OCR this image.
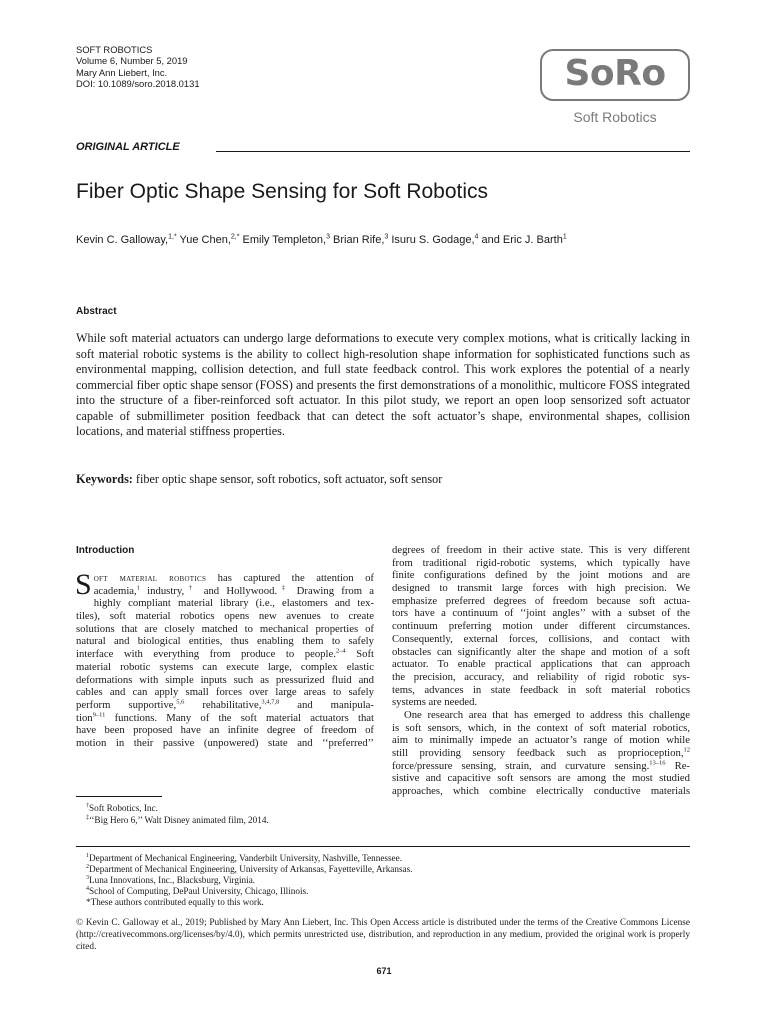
SOFT ROBOTICS
Volume 6, Number 5, 2019
Mary Ann Liebert, Inc.
DOI: 10.1089/soro.2018.0131	SoRo
Soft Robotics
ORIGINAL ARTICLE
Fiber Optic Shape Sensing for Soft Robotics
Kevin C. Galloway,$^{1,*}$ Yue Chen,$^{2,*}$ Emily Templeton,$^3$ Brian Rife,$^3$ Isuru S. Godage,$^4$ and Eric J. Barth$^1$
Abstract
While soft material actuators can undergo large deformations to execute very complex motions, what is critically lacking in soft material robotic systems is the ability to collect high-resolution shape information for sophisticated functions such as environmental mapping, collision detection, and full state feedback control. This work explores the potential of a nearly commercial fiber optic shape sensor (FOSS) and presents the first demonstrations of a monolithic, multicore FOSS integrated into the structure of a fiber-reinforced soft actuator. In this pilot study, we report an open loop sensorized soft actuator capable of submillimeter position feedback that can detect the soft actuator’s shape, environmental shapes, collision locations, and material stiffness properties.
Keywords: fiber optic shape sensor, soft robotics, soft actuator, soft sensor
Introduction
S oft material robotics has captured the attention of
academia,$^1$ industry,† and Hollywood.‡ Drawing from a
highly compliant material library (i.e., elastomers and tex-
tiles), soft material robotics opens new avenues to create
solutions that are closely matched to mechanical properties of
natural and biological entities, thus enabling them to safely
interface with everything from produce to people.$^{2-4}$ Soft
material robotic systems can execute large, complex elastic
deformations with simple inputs such as pressurized fluid and
cables and can apply small forces over large areas to safely
perform supportive,$^{5,6}$ rehabilitative,$^{3,4,7,8}$ and manipula-
tion$^{9-11}$ functions. Many of the soft material actuators that
have been proposed have an infinite degree of freedom of
motion in their passive (unpowered) state and ‘‘preferred’’
degrees of freedom in their active state. This is very different
from traditional rigid-robotic systems, which typically have
finite configurations defined by the joint motions and are
designed to transmit large forces with high precision. We
emphasize preferred degrees of freedom because soft actua-
tors have a continuum of ‘‘joint angles’’ with a subset of the
continuum preferring motion under different circumstances.
Consequently, external forces, collisions, and contact with
obstacles can significantly alter the shape and motion of a soft
actuator. To enable practical applications that can approach
the precision, accuracy, and reliability of rigid robotic sys-
tems, advances in state feedback in soft material robotics
systems are needed.
One research area that has emerged to address this challenge
is soft sensors, which, in the context of soft material robotics,
aim to minimally impede an actuator’s range of motion while
still providing sensory feedback such as proprioception,$^{12}$
force/pressure sensing, strain, and curvature sensing.$^{13-16}$ Re-
sistive and capacitive soft sensors are among the most studied
approaches, which combine electrically conductive materials
†Soft Robotics, Inc.
‡‘‘Big Hero 6,’’ Walt Disney animated film, 2014.
$^1$Department of Mechanical Engineering, Vanderbilt University, Nashville, Tennessee.
$^2$Department of Mechanical Engineering, University of Arkansas, Fayetteville, Arkansas.
$^3$Luna Innovations, Inc., Blacksburg, Virginia.
$^4$School of Computing, DePaul University, Chicago, Illinois.
*These authors contributed equally to this work.
© Kevin C. Galloway et al., 2019; Published by Mary Ann Liebert, Inc. This Open Access article is distributed under the terms of the Creative Commons License (http://creativecommons.org/licenses/by/4.0), which permits unrestricted use, distribution, and reproduction in any medium, provided the original work is properly cited.
671
